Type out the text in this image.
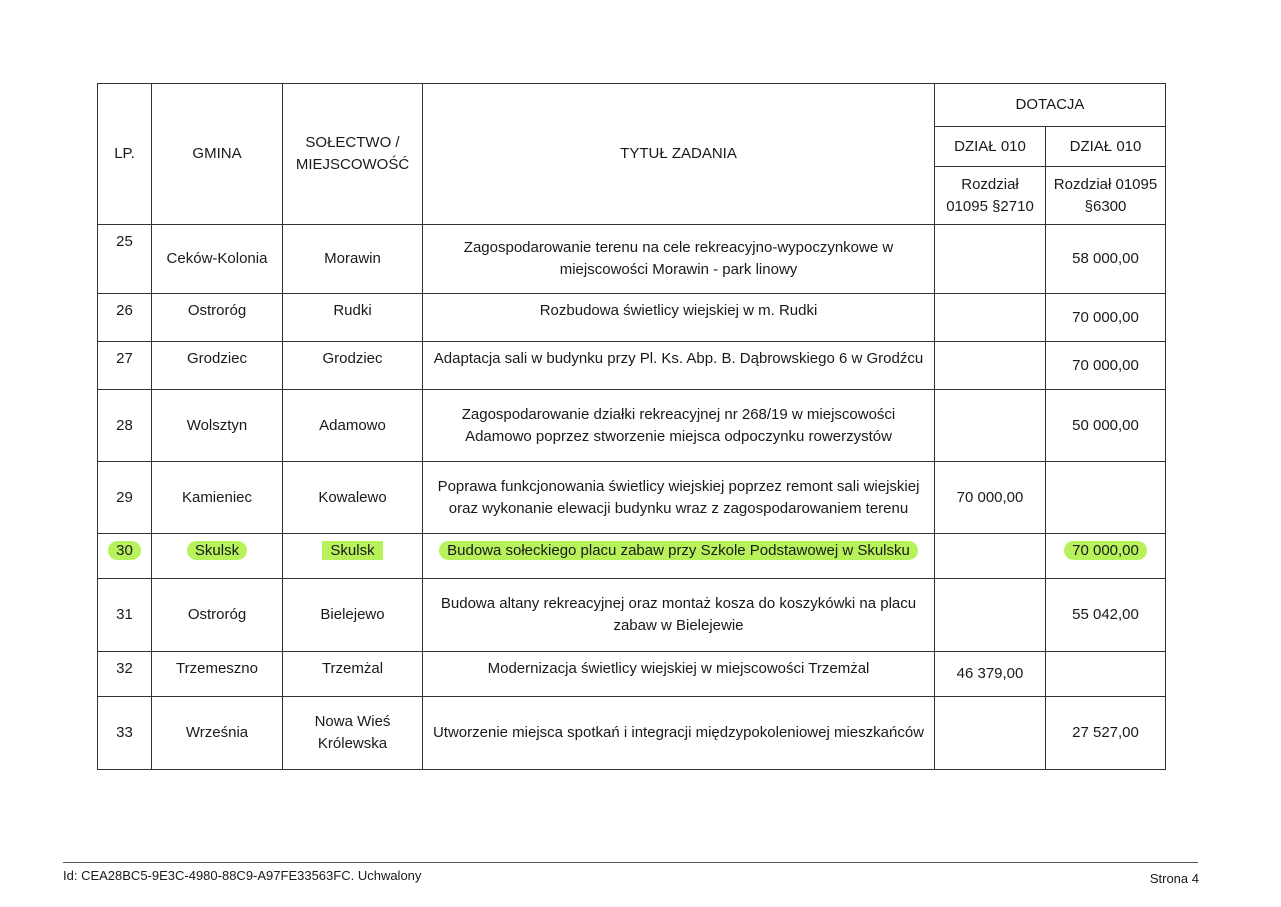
LP.	GMINA	SOŁECTWO / MIEJSCOWOŚĆ	TYTUŁ ZADANIA	DOTACJA	
				DZIAŁ 010	DZIAŁ 010
				Rozdział 01095 §2710	Rozdział 01095 §6300
25	Ceków-Kolonia	Morawin	Zagospodarowanie terenu na cele rekreacyjno-wypoczynkowe w miejscowości Morawin - park linowy		58 000,00
26	Ostroróg	Rudki	Rozbudowa świetlicy wiejskiej w m. Rudki		70 000,00
27	Grodziec	Grodziec	Adaptacja sali w budynku przy Pl. Ks. Abp. B. Dąbrowskiego 6 w Grodźcu		70 000,00
28	Wolsztyn	Adamowo	Zagospodarowanie działki rekreacyjnej nr 268/19 w miejscowości Adamowo poprzez stworzenie miejsca odpoczynku rowerzystów		50 000,00
29	Kamieniec	Kowalewo	Poprawa funkcjonowania świetlicy wiejskiej poprzez remont sali wiejskiej oraz wykonanie elewacji budynku wraz z zagospodarowaniem terenu	70 000,00	
30	Skulsk	Skulsk	Budowa sołeckiego placu zabaw przy Szkole Podstawowej w Skulsku		70 000,00
31	Ostroróg	Bielejewo	Budowa altany rekreacyjnej oraz montaż kosza do koszykówki na placu zabaw w Bielejewie		55 042,00
32	Trzemeszno	Trzemżal	Modernizacja świetlicy wiejskiej w miejscowości Trzemżal	46 379,00	
33	Września	Nowa Wieś Królewska	Utworzenie miejsca spotkań i integracji międzypokoleniowej mieszkańców		27 527,00
Id: CEA28BC5-9E3C-4980-88C9-A97FE33563FC. Uchwalony	Strona 4
